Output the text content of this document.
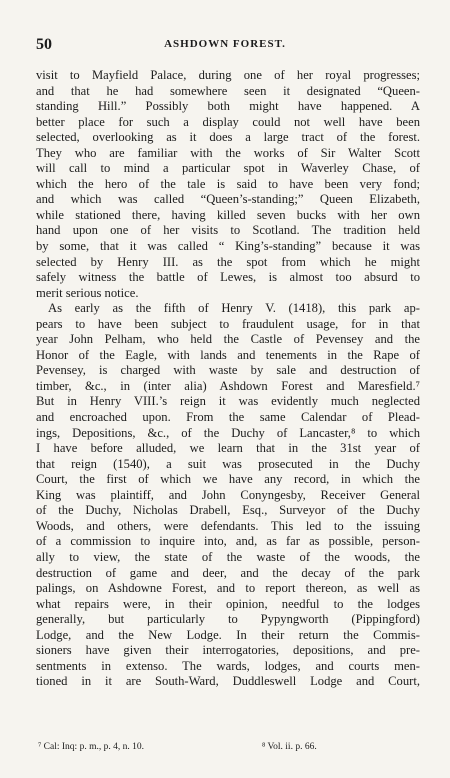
50	ASHDOWN FOREST.
visit to Mayfield Palace, during one of her royal progresses;
and that he had somewhere seen it designated “Queen-
standing Hill.” Possibly both might have happened. A
better place for such a display could not well have been
selected, overlooking as it does a large tract of the forest.
They who are familiar with the works of Sir Walter Scott
will call to mind a particular spot in Waverley Chase, of
which the hero of the tale is said to have been very fond;
and which was called “Queen’s-standing;” Queen Elizabeth,
while stationed there, having killed seven bucks with her own
hand upon one of her visits to Scotland. The tradition held
by some, that it was called “ King’s-standing” because it was
selected by Henry III. as the spot from which he might
safely witness the battle of Lewes, is almost too absurd to
merit serious notice.
As early as the fifth of Henry V. (1418), this park ap-
pears to have been subject to fraudulent usage, for in that
year John Pelham, who held the Castle of Pevensey and the
Honor of the Eagle, with lands and tenements in the Rape of
Pevensey, is charged with waste by sale and destruction of
timber, &c., in (inter alia) Ashdown Forest and Maresfield.⁷
But in Henry VIII.’s reign it was evidently much neglected
and encroached upon. From the same Calendar of Plead-
ings, Depositions, &c., of the Duchy of Lancaster,⁸ to which
I have before alluded, we learn that in the 31st year of
that reign (1540), a suit was prosecuted in the Duchy
Court, the first of which we have any record, in which the
King was plaintiff, and John Conyngesby, Receiver General
of the Duchy, Nicholas Drabell, Esq., Surveyor of the Duchy
Woods, and others, were defendants. This led to the issuing
of a commission to inquire into, and, as far as possible, person-
ally to view, the state of the waste of the woods, the
destruction of game and deer, and the decay of the park
palings, on Ashdowne Forest, and to report thereon, as well as
what repairs were, in their opinion, needful to the lodges
generally, but particularly to Pypyngworth (Pippingford)
Lodge, and the New Lodge. In their return the Commis-
sioners have given their interrogatories, depositions, and pre-
sentments in extenso. The wards, lodges, and courts men-
tioned in it are South-Ward, Duddleswell Lodge and Court,
⁷ Cal: Inq: p. m., p. 4, n. 10.	⁸ Vol. ii. p. 66.
